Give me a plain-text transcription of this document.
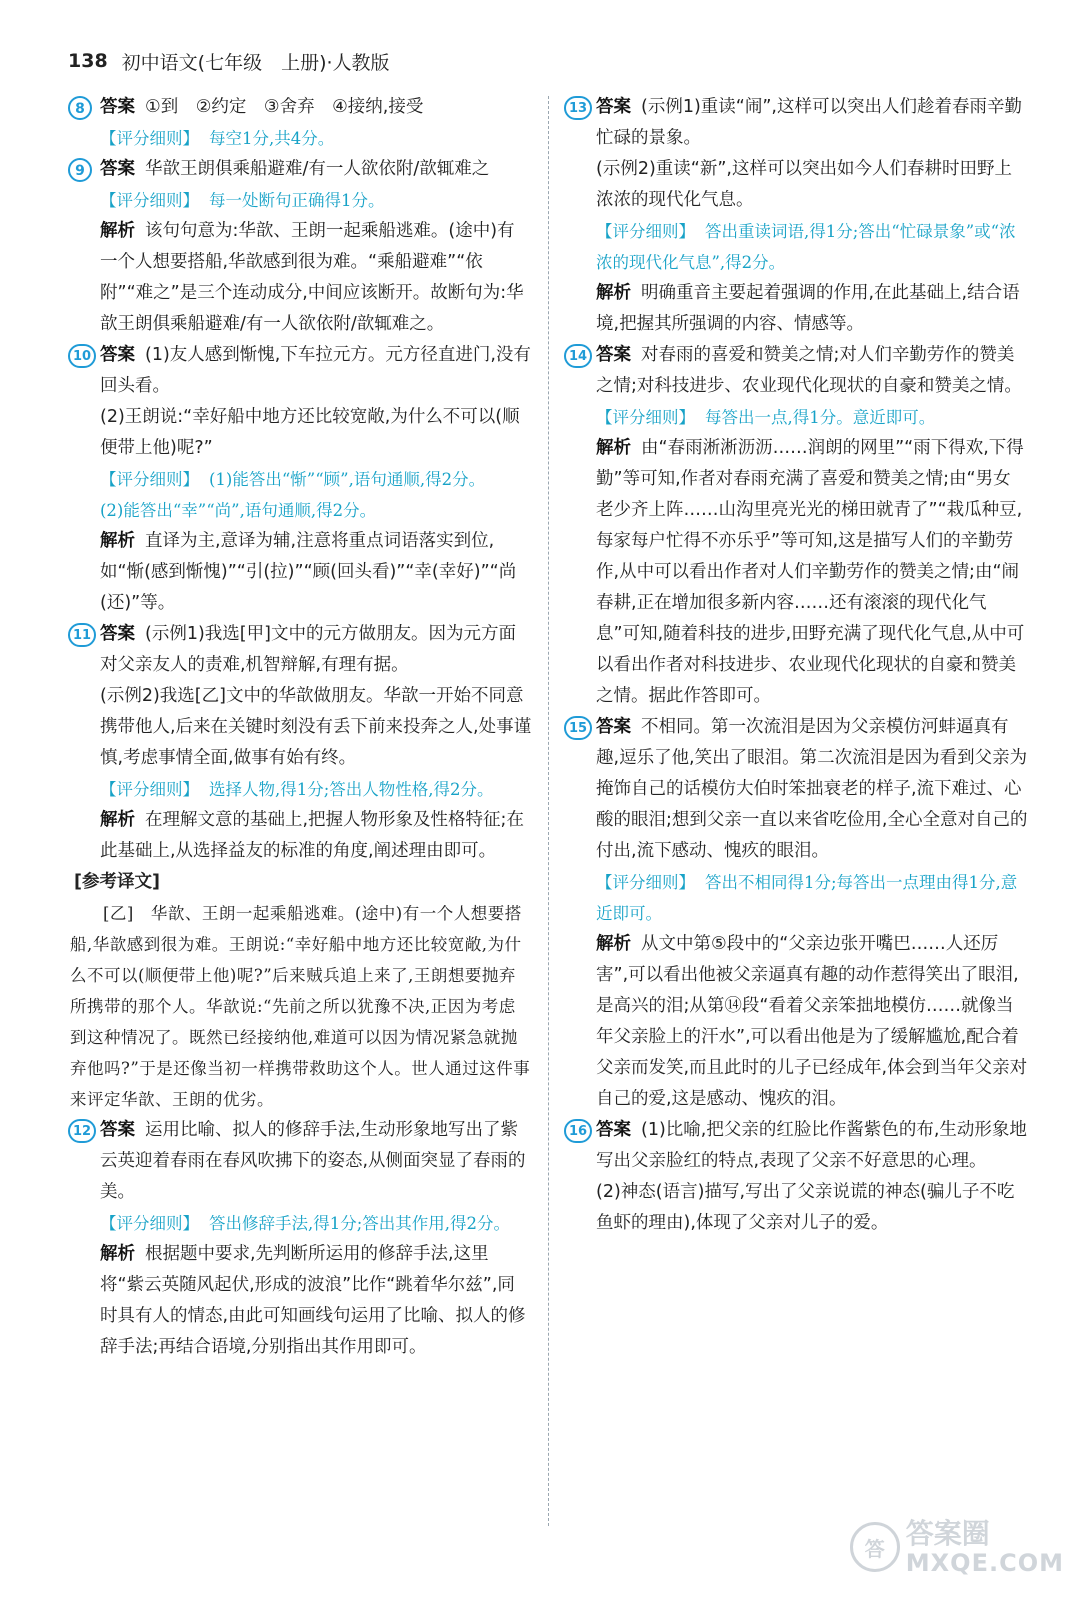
138 初中语文(七年级　上册)·人教版
8 答案 ①到　②约定　③舍弃　④接纳,接受
【评分细则】 每空1分,共4分。
9 答案 华歆王朗俱乘船避难/有一人欲依附/歆辄难之
【评分细则】 每一处断句正确得1分。
解析 该句句意为:华歆、王朗一起乘船逃难。(途中)有一个人想要搭船,华歆感到很为难。“乘船避难”“依附”“难之”是三个连动成分,中间应该断开。故断句为:华歆王朗俱乘船避难/有一人欲依附/歆辄难之。
10 答案 (1)友人感到惭愧,下车拉元方。元方径直进门,没有回头看。
(2)王朗说:“幸好船中地方还比较宽敞,为什么不可以(顺便带上他)呢?”
【评分细则】 (1)能答出“惭”“顾”,语句通顺,得2分。
(2)能答出“幸”“尚”,语句通顺,得2分。
解析 直译为主,意译为辅,注意将重点词语落实到位,如“惭(感到惭愧)”“引(拉)”“顾(回头看)”“幸(幸好)”“尚(还)”等。
11 答案 (示例1)我选[甲]文中的元方做朋友。因为元方面对父亲友人的责难,机智辩解,有理有据。
(示例2)我选[乙]文中的华歆做朋友。华歆一开始不同意携带他人,后来在关键时刻没有丢下前来投奔之人,处事谨慎,考虑事情全面,做事有始有终。
【评分细则】 选择人物,得1分;答出人物性格,得2分。
解析 在理解文意的基础上,把握人物形象及性格特征;在此基础上,从选择益友的标准的角度,阐述理由即可。

[参考译文]

[乙]　华歆、王朗一起乘船逃难。(途中)有一个人想要搭船,华歆感到很为难。王朗说:“幸好船中地方还比较宽敞,为什么不可以(顺便带上他)呢?”后来贼兵追上来了,王朗想要抛弃所携带的那个人。华歆说:“先前之所以犹豫不决,正因为考虑到这种情况了。既然已经接纳他,难道可以因为情况紧急就抛弃他吗?”于是还像当初一样携带救助这个人。世人通过这件事来评定华歆、王朗的优劣。

12 答案 运用比喻、拟人的修辞手法,生动形象地写出了紫云英迎着春雨在春风吹拂下的姿态,从侧面突显了春雨的美。
【评分细则】 答出修辞手法,得1分;答出其作用,得2分。
解析 根据题中要求,先判断所运用的修辞手法,这里将“紫云英随风起伏,形成的波浪”比作“跳着华尔兹”,同时具有人的情态,由此可知画线句运用了比喻、拟人的修辞手法;再结合语境,分别指出其作用即可。
13 答案 (示例1)重读“闹”,这样可以突出人们趁着春雨辛勤忙碌的景象。
(示例2)重读“新”,这样可以突出如今人们春耕时田野上浓浓的现代化气息。
【评分细则】 答出重读词语,得1分;答出“忙碌景象”或“浓浓的现代化气息”,得2分。
解析 明确重音主要起着强调的作用,在此基础上,结合语境,把握其所强调的内容、情感等。
14 答案 对春雨的喜爱和赞美之情;对人们辛勤劳作的赞美之情;对科技进步、农业现代化现状的自豪和赞美之情。
【评分细则】 每答出一点,得1分。意近即可。
解析 由“春雨淅淅沥沥……润朗的网里”“雨下得欢,下得勤”等可知,作者对春雨充满了喜爱和赞美之情;由“男女老少齐上阵……山沟里亮光光的梯田就青了”“栽瓜种豆,每家每户忙得不亦乐乎”等可知,这是描写人们的辛勤劳作,从中可以看出作者对人们辛勤劳作的赞美之情;由“闹春耕,正在增加很多新内容……还有滚滚的现代化气息”可知,随着科技的进步,田野充满了现代化气息,从中可以看出作者对科技进步、农业现代化现状的自豪和赞美之情。据此作答即可。
15 答案 不相同。第一次流泪是因为父亲模仿河蚌逼真有趣,逗乐了他,笑出了眼泪。第二次流泪是因为看到父亲为掩饰自己的话模仿大伯时笨拙衰老的样子,流下难过、心酸的眼泪;想到父亲一直以来省吃俭用,全心全意对自己的付出,流下感动、愧疚的眼泪。
【评分细则】 答出不相同得1分;每答出一点理由得1分,意近即可。
解析 从文中第⑤段中的“父亲边张开嘴巴……人还厉害”,可以看出他被父亲逼真有趣的动作惹得笑出了眼泪,是高兴的泪;从第⑭段“看着父亲笨拙地模仿……就像当年父亲脸上的汗水”,可以看出他是为了缓解尴尬,配合着父亲而发笑,而且此时的儿子已经成年,体会到当年父亲对自己的爱,这是感动、愧疚的泪。
16 答案 (1)比喻,把父亲的红脸比作酱紫色的布,生动形象地写出父亲脸红的特点,表现了父亲不好意思的心理。
(2)神态(语言)描写,写出了父亲说谎的神态(骗儿子不吃鱼虾的理由),体现了父亲对儿子的爱。
答 答案圈
MXQE.COM
